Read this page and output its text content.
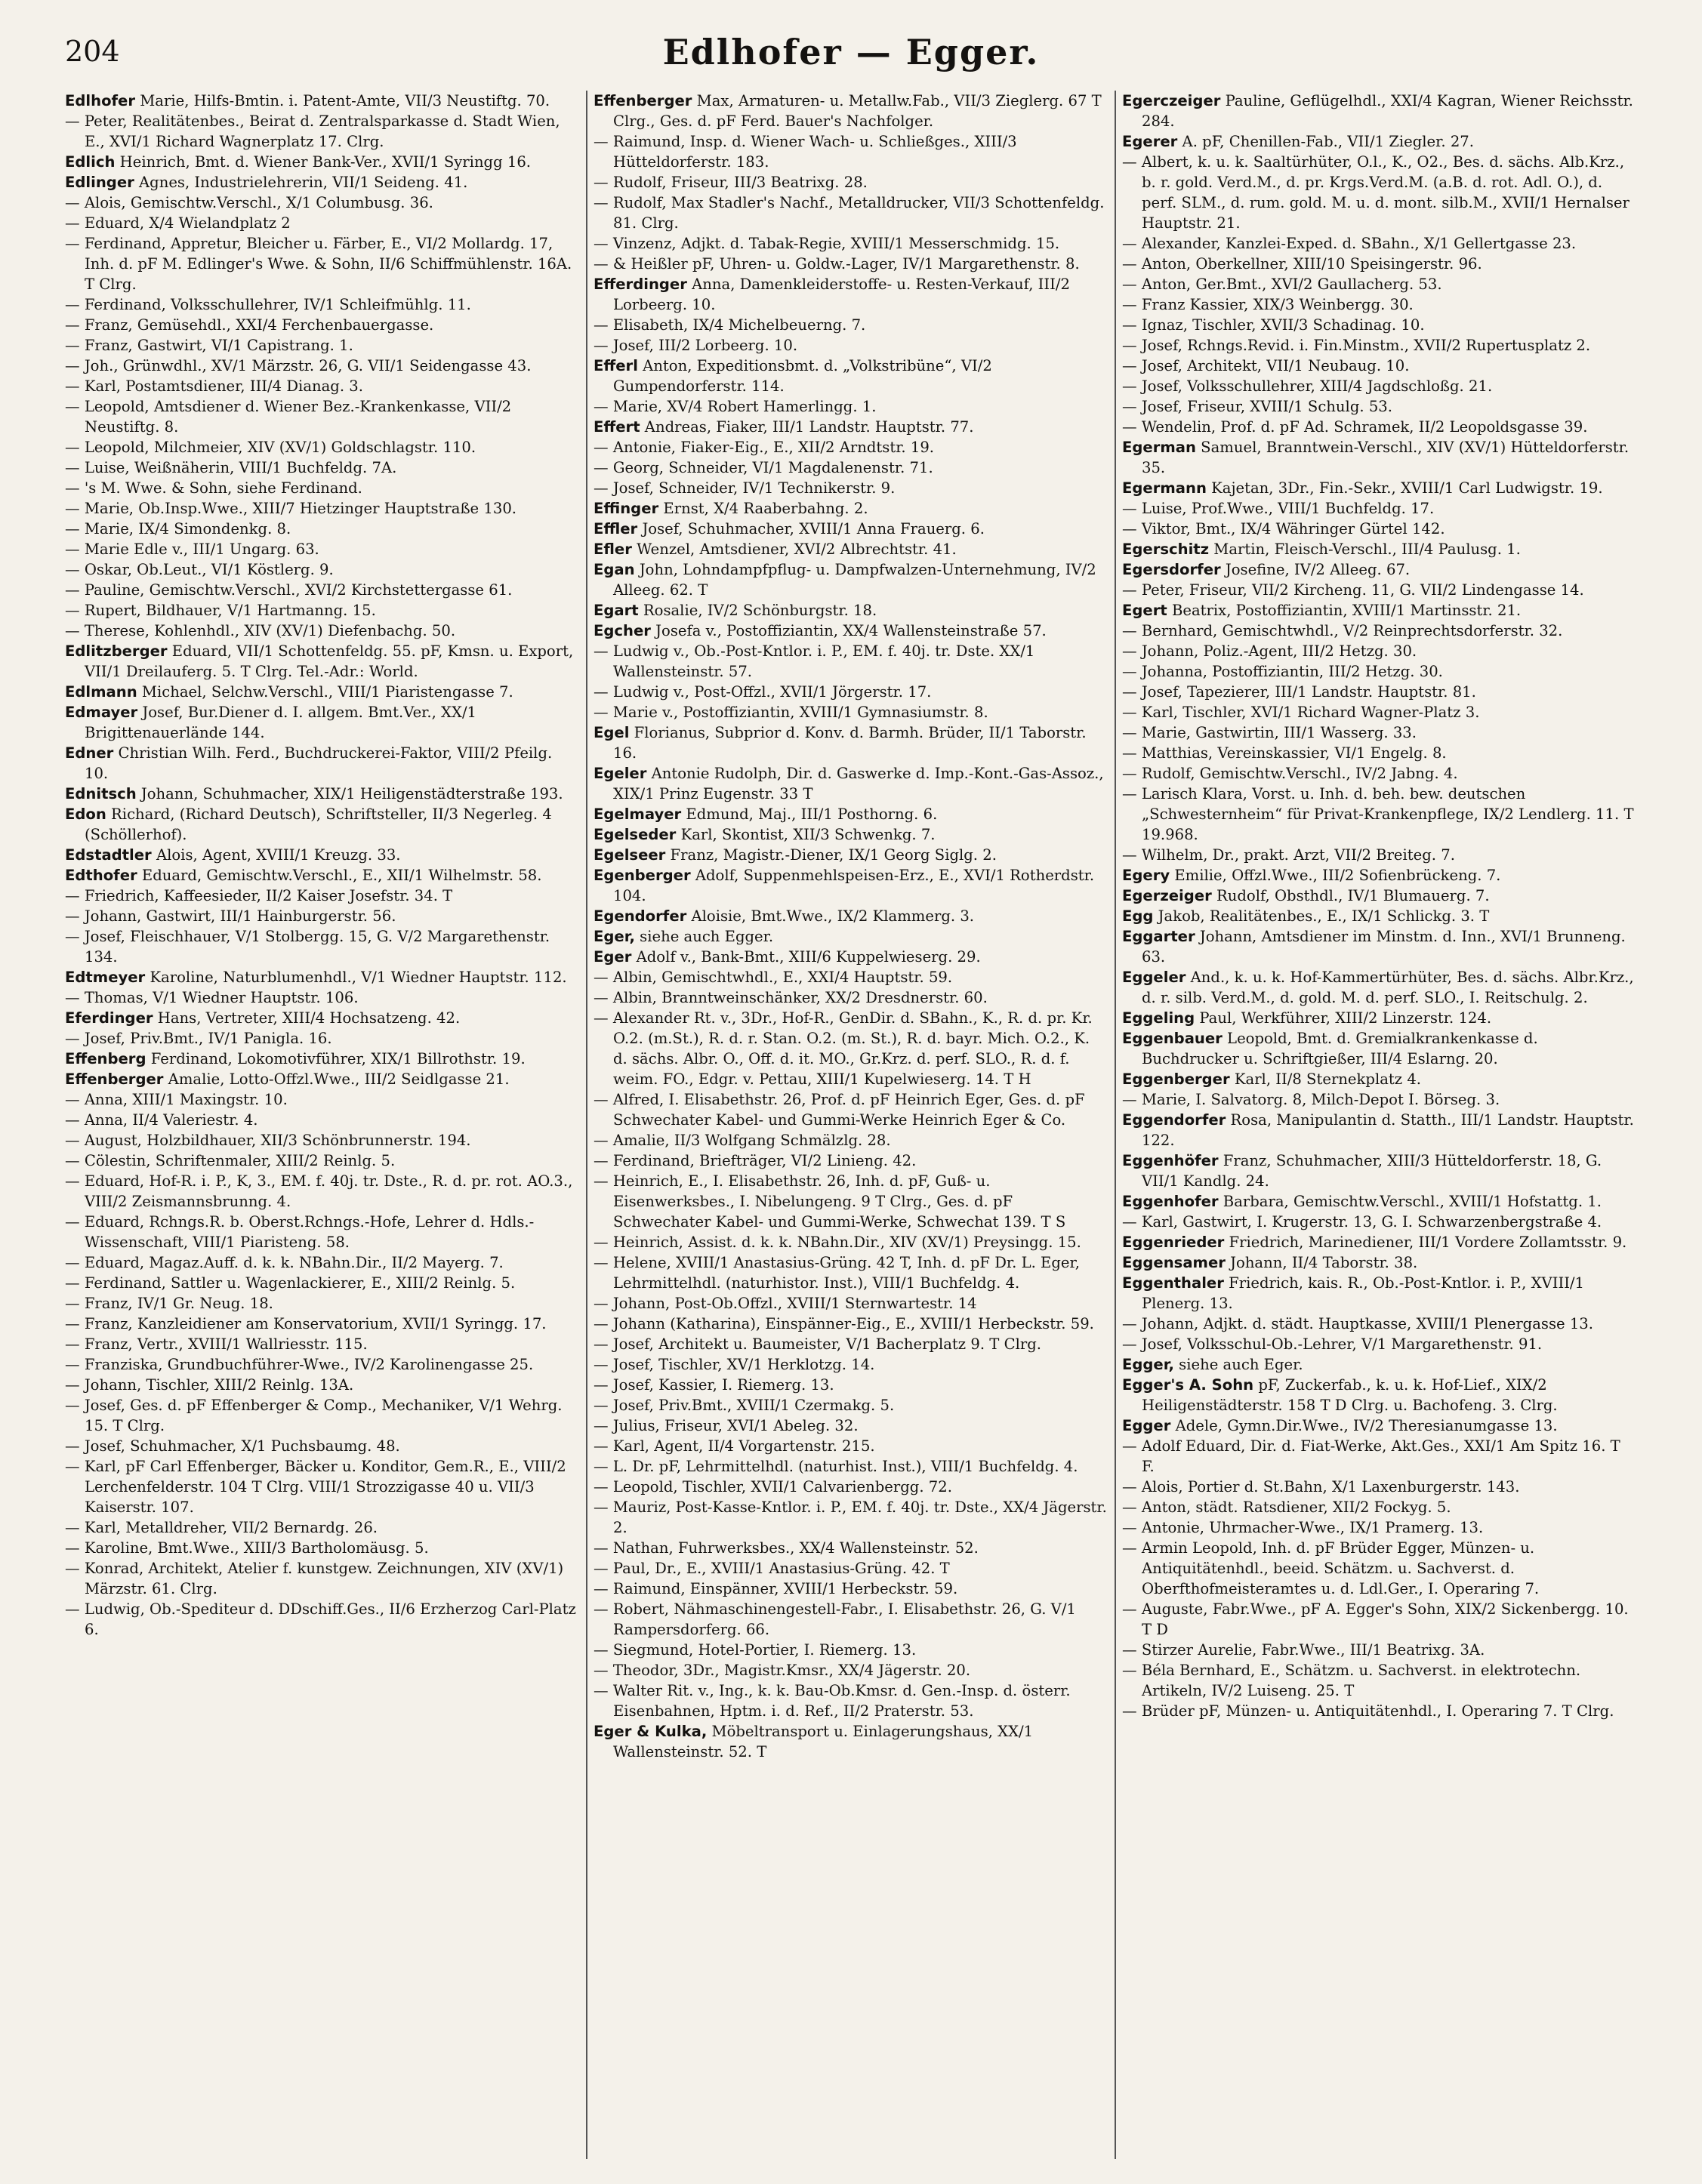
204	Edlhofer — Egger.
Edlhofer Marie, Hilfs-Bmtin. i. Patent-Amte, VII/3 Neustiftg. 70.
— Peter, Realitätenbes., Beirat d. Zentralsparkasse d. Stadt Wien, E., XVI/1 Richard Wagnerplatz 17. Clrg.
Edlich Heinrich, Bmt. d. Wiener Bank-Ver., XVII/1 Syringg 16.
Edlinger Agnes, Industrielehrerin, VII/1 Seideng. 41.
— Alois, Gemischtw.Verschl., X/1 Columbusg. 36.
— Eduard, X/4 Wielandplatz 2
— Ferdinand, Appretur, Bleicher u. Färber, E., VI/2 Mollardg. 17, Inh. d. pF M. Edlinger's Wwe. & Sohn, II/6 Schiffmühlenstr. 16A. T Clrg.
— Ferdinand, Volksschullehrer, IV/1 Schleifmühlg. 11.
— Franz, Gemüsehdl., XXI/4 Ferchenbauergasse.
— Franz, Gastwirt, VI/1 Capistrang. 1.
— Joh., Grünwdhl., XV/1 Märzstr. 26, G. VII/1 Seidengasse 43.
— Karl, Postamtsdiener, III/4 Dianag. 3.
— Leopold, Amtsdiener d. Wiener Bez.-Krankenkasse, VII/2 Neustiftg. 8.
— Leopold, Milchmeier, XIV (XV/1) Goldschlagstr. 110.
— Luise, Weißnäherin, VIII/1 Buchfeldg. 7A.
— 's M. Wwe. & Sohn, siehe Ferdinand.
— Marie, Ob.Insp.Wwe., XIII/7 Hietzinger Hauptstraße 130.
— Marie, IX/4 Simondenkg. 8.
— Marie Edle v., III/1 Ungarg. 63.
— Oskar, Ob.Leut., VI/1 Köstlerg. 9.
— Pauline, Gemischtw.Verschl., XVI/2 Kirchstettergasse 61.
— Rupert, Bildhauer, V/1 Hartmanng. 15.
— Therese, Kohlenhdl., XIV (XV/1) Diefenbachg. 50.
Edlitzberger Eduard, VII/1 Schottenfeldg. 55. pF, Kmsn. u. Export, VII/1 Dreilauferg. 5. T Clrg. Tel.-Adr.: World.
Edlmann Michael, Selchw.Verschl., VIII/1 Piaristengasse 7.
Edmayer Josef, Bur.Diener d. I. allgem. Bmt.Ver., XX/1 Brigittenauerlände 144.
Edner Christian Wilh. Ferd., Buchdruckerei-Faktor, VIII/2 Pfeilg. 10.
Ednitsch Johann, Schuhmacher, XIX/1 Heiligenstädterstraße 193.
Edon Richard, (Richard Deutsch), Schriftsteller, II/3 Negerleg. 4 (Schöllerhof).
Edstadtler Alois, Agent, XVIII/1 Kreuzg. 33.
Edthofer Eduard, Gemischtw.Verschl., E., XII/1 Wilhelmstr. 58.
— Friedrich, Kaffeesieder, II/2 Kaiser Josefstr. 34. T
— Johann, Gastwirt, III/1 Hainburgerstr. 56.
— Josef, Fleischhauer, V/1 Stolbergg. 15, G. V/2 Margarethenstr. 134.
Edtmeyer Karoline, Naturblumenhdl., V/1 Wiedner Hauptstr. 112.
— Thomas, V/1 Wiedner Hauptstr. 106.
Eferdinger Hans, Vertreter, XIII/4 Hochsatzeng. 42.
— Josef, Priv.Bmt., IV/1 Panigla. 16.
Effenberg Ferdinand, Lokomotivführer, XIX/1 Billrothstr. 19.
Effenberger Amalie, Lotto-Offzl.Wwe., III/2 Seidlgasse 21.
— Anna, XIII/1 Maxingstr. 10.
— Anna, II/4 Valeriestr. 4.
— August, Holzbildhauer, XII/3 Schönbrunnerstr. 194.
— Cölestin, Schriftenmaler, XIII/2 Reinlg. 5.
— Eduard, Hof-R. i. P., K, 3., EM. f. 40j. tr. Dste., R. d. pr. rot. AO.3., VIII/2 Zeismannsbrunng. 4.
— Eduard, Rchngs.R. b. Oberst.Rchngs.-Hofe, Lehrer d. Hdls.-Wissenschaft, VIII/1 Piaristeng. 58.
— Eduard, Magaz.Auff. d. k. k. NBahn.Dir., II/2 Mayerg. 7.
— Ferdinand, Sattler u. Wagenlackierer, E., XIII/2 Reinlg. 5.
— Franz, IV/1 Gr. Neug. 18.
— Franz, Kanzleidiener am Konservatorium, XVII/1 Syringg. 17.
— Franz, Vertr., XVIII/1 Wallriesstr. 115.
— Franziska, Grundbuchführer-Wwe., IV/2 Karolinengasse 25.
— Johann, Tischler, XIII/2 Reinlg. 13A.
— Josef, Ges. d. pF Effenberger & Comp., Mechaniker, V/1 Wehrg. 15. T Clrg.
— Josef, Schuhmacher, X/1 Puchsbaumg. 48.
— Karl, pF Carl Effenberger, Bäcker u. Konditor, Gem.R., E., VIII/2 Lerchenfelderstr. 104 T Clrg. VIII/1 Strozzigasse 40 u. VII/3 Kaiserstr. 107.
— Karl, Metalldreher, VII/2 Bernardg. 26.
— Karoline, Bmt.Wwe., XIII/3 Bartholomäusg. 5.
— Konrad, Architekt, Atelier f. kunstgew. Zeichnungen, XIV (XV/1) Märzstr. 61. Clrg.
— Ludwig, Ob.-Spediteur d. DDschiff.Ges., II/6 Erzherzog Carl-Platz 6.
Effenberger Max, Armaturen- u. Metallw.Fab., VII/3 Zieglerg. 67 T Clrg., Ges. d. pF Ferd. Bauer's Nachfolger.
— Raimund, Insp. d. Wiener Wach- u. Schließges., XIII/3 Hütteldorferstr. 183.
— Rudolf, Friseur, III/3 Beatrixg. 28.
— Rudolf, Max Stadler's Nachf., Metalldrucker, VII/3 Schottenfeldg. 81. Clrg.
— Vinzenz, Adjkt. d. Tabak-Regie, XVIII/1 Messerschmidg. 15.
— & Heißler pF, Uhren- u. Goldw.-Lager, IV/1 Margarethenstr. 8.
Efferdinger Anna, Damenkleiderstoffe- u. Resten-Verkauf, III/2 Lorbeerg. 10.
— Elisabeth, IX/4 Michelbeuerng. 7.
— Josef, III/2 Lorbeerg. 10.
Efferl Anton, Expeditionsbmt. d. „Volkstribüne“, VI/2 Gumpendorferstr. 114.
— Marie, XV/4 Robert Hamerlingg. 1.
Effert Andreas, Fiaker, III/1 Landstr. Hauptstr. 77.
— Antonie, Fiaker-Eig., E., XII/2 Arndtstr. 19.
— Georg, Schneider, VI/1 Magdalenenstr. 71.
— Josef, Schneider, IV/1 Technikerstr. 9.
Effinger Ernst, X/4 Raaberbahng. 2.
Effler Josef, Schuhmacher, XVIII/1 Anna Frauerg. 6.
Efler Wenzel, Amtsdiener, XVI/2 Albrechtstr. 41.
Egan John, Lohndampfpflug- u. Dampfwalzen-Unternehmung, IV/2 Alleeg. 62. T
Egart Rosalie, IV/2 Schönburgstr. 18.
Egcher Josefa v., Postoffiziantin, XX/4 Wallensteinstraße 57.
— Ludwig v., Ob.-Post-Kntlor. i. P., EM. f. 40j. tr. Dste. XX/1 Wallensteinstr. 57.
— Ludwig v., Post-Offzl., XVII/1 Jörgerstr. 17.
— Marie v., Postoffiziantin, XVIII/1 Gymnasiumstr. 8.
Egel Florianus, Subprior d. Konv. d. Barmh. Brüder, II/1 Taborstr. 16.
Egeler Antonie Rudolph, Dir. d. Gaswerke d. Imp.-Kont.-Gas-Assoz., XIX/1 Prinz Eugenstr. 33 T
Egelmayer Edmund, Maj., III/1 Posthorng. 6.
Egelseder Karl, Skontist, XII/3 Schwenkg. 7.
Egelseer Franz, Magistr.-Diener, IX/1 Georg Siglg. 2.
Egenberger Adolf, Suppenmehlspeisen-Erz., E., XVI/1 Rotherdstr. 104.
Egendorfer Aloisie, Bmt.Wwe., IX/2 Klammerg. 3.
Eger, siehe auch Egger.
Eger Adolf v., Bank-Bmt., XIII/6 Kuppelwieserg. 29.
— Albin, Gemischtwhdl., E., XXI/4 Hauptstr. 59.
— Albin, Branntweinschänker, XX/2 Dresdnerstr. 60.
— Alexander Rt. v., 3Dr., Hof-R., GenDir. d. SBahn., K., R. d. pr. Kr. O.2. (m.St.), R. d. r. Stan. O.2. (m. St.), R. d. bayr. Mich. O.2., K. d. sächs. Albr. O., Off. d. it. MO., Gr.Krz. d. perf. SLO., R. d. f. weim. FO., Edgr. v. Pettau, XIII/1 Kupelwieserg. 14. T H
— Alfred, I. Elisabethstr. 26, Prof. d. pF Heinrich Eger, Ges. d. pF Schwechater Kabel- und Gummi-Werke Heinrich Eger & Co.
— Amalie, II/3 Wolfgang Schmälzlg. 28.
— Ferdinand, Briefträger, VI/2 Linieng. 42.
— Heinrich, E., I. Elisabethstr. 26, Inh. d. pF, Guß- u. Eisenwerksbes., I. Nibelungeng. 9 T Clrg., Ges. d. pF Schwechater Kabel- und Gummi-Werke, Schwechat 139. T S
— Heinrich, Assist. d. k. k. NBahn.Dir., XIV (XV/1) Preysingg. 15.
— Helene, XVIII/1 Anastasius-Grüng. 42 T, Inh. d. pF Dr. L. Eger, Lehrmittelhdl. (naturhistor. Inst.), VIII/1 Buchfeldg. 4.
— Johann, Post-Ob.Offzl., XVIII/1 Sternwartestr. 14
— Johann (Katharina), Einspänner-Eig., E., XVIII/1 Herbeckstr. 59.
— Josef, Architekt u. Baumeister, V/1 Bacherplatz 9. T Clrg.
— Josef, Tischler, XV/1 Herklotzg. 14.
— Josef, Kassier, I. Riemerg. 13.
— Josef, Priv.Bmt., XVIII/1 Czermakg. 5.
— Julius, Friseur, XVI/1 Abeleg. 32.
— Karl, Agent, II/4 Vorgartenstr. 215.
— L. Dr. pF, Lehrmittelhdl. (naturhist. Inst.), VIII/1 Buchfeldg. 4.
— Leopold, Tischler, XVII/1 Calvarienbergg. 72.
— Mauriz, Post-Kasse-Kntlor. i. P., EM. f. 40j. tr. Dste., XX/4 Jägerstr. 2.
— Nathan, Fuhrwerksbes., XX/4 Wallensteinstr. 52.
— Paul, Dr., E., XVIII/1 Anastasius-Grüng. 42. T
— Raimund, Einspänner, XVIII/1 Herbeckstr. 59.
— Robert, Nähmaschinengestell-Fabr., I. Elisabethstr. 26, G. V/1 Rampersdorferg. 66.
— Siegmund, Hotel-Portier, I. Riemerg. 13.
— Theodor, 3Dr., Magistr.Kmsr., XX/4 Jägerstr. 20.
— Walter Rit. v., Ing., k. k. Bau-Ob.Kmsr. d. Gen.-Insp. d. österr. Eisenbahnen, Hptm. i. d. Ref., II/2 Praterstr. 53.
Eger & Kulka, Möbeltransport u. Einlagerungshaus, XX/1 Wallensteinstr. 52. T
Egerczeiger Pauline, Geflügelhdl., XXI/4 Kagran, Wiener Reichsstr. 284.
Egerer A. pF, Chenillen-Fab., VII/1 Ziegler. 27.
— Albert, k. u. k. Saaltürhüter, O.l., K., O2., Bes. d. sächs. Alb.Krz., b. r. gold. Verd.M., d. pr. Krgs.Verd.M. (a.B. d. rot. Adl. O.), d. perf. SLM., d. rum. gold. M. u. d. mont. silb.M., XVII/1 Hernalser Hauptstr. 21.
— Alexander, Kanzlei-Exped. d. SBahn., X/1 Gellertgasse 23.
— Anton, Oberkellner, XIII/10 Speisingerstr. 96.
— Anton, Ger.Bmt., XVI/2 Gaullacherg. 53.
— Franz Kassier, XIX/3 Weinbergg. 30.
— Ignaz, Tischler, XVII/3 Schadinag. 10.
— Josef, Rchngs.Revid. i. Fin.Minstm., XVII/2 Rupertusplatz 2.
— Josef, Architekt, VII/1 Neubaug. 10.
— Josef, Volksschullehrer, XIII/4 Jagdschloßg. 21.
— Josef, Friseur, XVIII/1 Schulg. 53.
— Wendelin, Prof. d. pF Ad. Schramek, II/2 Leopoldsgasse 39.
Egerman Samuel, Branntwein-Verschl., XIV (XV/1) Hütteldorferstr. 35.
Egermann Kajetan, 3Dr., Fin.-Sekr., XVIII/1 Carl Ludwigstr. 19.
— Luise, Prof.Wwe., VIII/1 Buchfeldg. 17.
— Viktor, Bmt., IX/4 Währinger Gürtel 142.
Egerschitz Martin, Fleisch-Verschl., III/4 Paulusg. 1.
Egersdorfer Josefine, IV/2 Alleeg. 67.
— Peter, Friseur, VII/2 Kircheng. 11, G. VII/2 Lindengasse 14.
Egert Beatrix, Postoffiziantin, XVIII/1 Martinsstr. 21.
— Bernhard, Gemischtwhdl., V/2 Reinprechtsdorferstr. 32.
— Johann, Poliz.-Agent, III/2 Hetzg. 30.
— Johanna, Postoffiziantin, III/2 Hetzg. 30.
— Josef, Tapezierer, III/1 Landstr. Hauptstr. 81.
— Karl, Tischler, XVI/1 Richard Wagner-Platz 3.
— Marie, Gastwirtin, III/1 Wasserg. 33.
— Matthias, Vereinskassier, VI/1 Engelg. 8.
— Rudolf, Gemischtw.Verschl., IV/2 Jabng. 4.
— Larisch Klara, Vorst. u. Inh. d. beh. bew. deutschen „Schwesternheim“ für Privat-Krankenpflege, IX/2 Lendlerg. 11. T 19.968.
— Wilhelm, Dr., prakt. Arzt, VII/2 Breiteg. 7.
Egery Emilie, Offzl.Wwe., III/2 Sofienbrückeng. 7.
Egerzeiger Rudolf, Obsthdl., IV/1 Blumauerg. 7.
Egg Jakob, Realitätenbes., E., IX/1 Schlickg. 3. T
Eggarter Johann, Amtsdiener im Minstm. d. Inn., XVI/1 Brunneng. 63.
Eggeler And., k. u. k. Hof-Kammertürhüter, Bes. d. sächs. Albr.Krz., d. r. silb. Verd.M., d. gold. M. d. perf. SLO., I. Reitschulg. 2.
Eggeling Paul, Werkführer, XIII/2 Linzerstr. 124.
Eggenbauer Leopold, Bmt. d. Gremialkrankenkasse d. Buchdrucker u. Schriftgießer, III/4 Eslarng. 20.
Eggenberger Karl, II/8 Sternekplatz 4.
— Marie, I. Salvatorg. 8, Milch-Depot I. Börseg. 3.
Eggendorfer Rosa, Manipulantin d. Statth., III/1 Landstr. Hauptstr. 122.
Eggenhöfer Franz, Schuhmacher, XIII/3 Hütteldorferstr. 18, G. VII/1 Kandlg. 24.
Eggenhofer Barbara, Gemischtw.Verschl., XVIII/1 Hofstattg. 1.
— Karl, Gastwirt, I. Krugerstr. 13, G. I. Schwarzenbergstraße 4.
Eggenrieder Friedrich, Marinediener, III/1 Vordere Zollamtsstr. 9.
Eggensamer Johann, II/4 Taborstr. 38.
Eggenthaler Friedrich, kais. R., Ob.-Post-Kntlor. i. P., XVIII/1 Plenerg. 13.
— Johann, Adjkt. d. städt. Hauptkasse, XVIII/1 Plenergasse 13.
— Josef, Volksschul-Ob.-Lehrer, V/1 Margarethenstr. 91.
Egger, siehe auch Eger.
Egger's A. Sohn pF, Zuckerfab., k. u. k. Hof-Lief., XIX/2 Heiligenstädterstr. 158 T D Clrg. u. Bachofeng. 3. Clrg.
Egger Adele, Gymn.Dir.Wwe., IV/2 Theresianumgasse 13.
— Adolf Eduard, Dir. d. Fiat-Werke, Akt.Ges., XXI/1 Am Spitz 16. T F.
— Alois, Portier d. St.Bahn, X/1 Laxenburgerstr. 143.
— Anton, städt. Ratsdiener, XII/2 Fockyg. 5.
— Antonie, Uhrmacher-Wwe., IX/1 Pramerg. 13.
— Armin Leopold, Inh. d. pF Brüder Egger, Münzen- u. Antiquitätenhdl., beeid. Schätzm. u. Sachverst. d. Oberfthofmeisteramtes u. d. Ldl.Ger., I. Operaring 7.
— Auguste, Fabr.Wwe., pF A. Egger's Sohn, XIX/2 Sickenbergg. 10. T D
— Stirzer Aurelie, Fabr.Wwe., III/1 Beatrixg. 3A.
— Béla Bernhard, E., Schätzm. u. Sachverst. in elektrotechn. Artikeln, IV/2 Luiseng. 25. T
— Brüder pF, Münzen- u. Antiquitätenhdl., I. Operaring 7. T Clrg.
